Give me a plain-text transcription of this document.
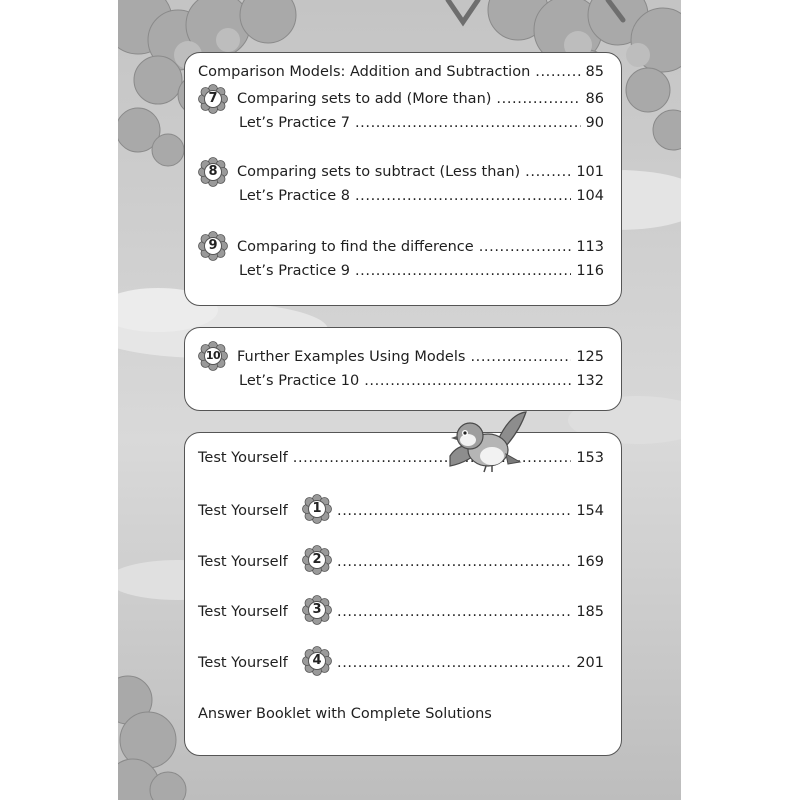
Comparison Models: Addition and Subtraction .....	85
7	Comparing sets to add (More than) .....	86
Let’s Practice 7 .....	90
8	Comparing sets to subtract (Less than) .....	101
Let’s Practice 8 .....	104
9	Comparing to find the difference .....	113
Let’s Practice 9 .....	116
10	Further Examples Using Models .....	125
Let’s Practice 10 .....	132
Test Yourself .....	153
Test Yourself	1 .....	154
Test Yourself	2 .....	169
Test Yourself	3 .....	185
Test Yourself	4 .....	201
Answer Booklet with Complete Solutions
